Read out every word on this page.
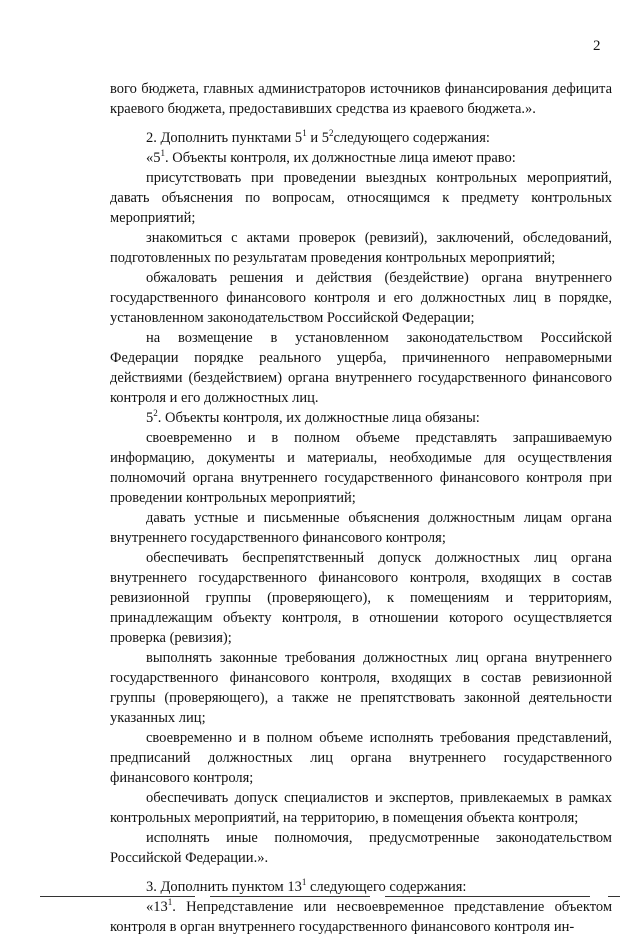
2

вого бюджета, главных администраторов источников финансирования дефицита краевого бюджета, предоставивших средства из краевого бюджета.».

2. Дополнить пунктами $5^1$ и $5^2следующего$ содержания:

«$5^1$. Объекты контроля, их должностные лица имеют право:

присутствовать при проведении выездных контрольных мероприятий, давать объяснения по вопросам, относящимся к предмету контрольных мероприятий;

знакомиться с актами проверок (ревизий), заключений, обследований, подготовленных по результатам проведения контрольных мероприятий;

обжаловать решения и действия (бездействие) органа внутреннего государственного финансового контроля и его должностных лиц в порядке, установленном законодательством Российской Федерации;

на возмещение в установленном законодательством Российской Федерации порядке реального ущерба, причиненного неправомерными действиями (бездействием) органа внутреннего государственного финансового контроля и его должностных лиц.

$5^2$. Объекты контроля, их должностные лица обязаны:

своевременно и в полном объеме представлять запрашиваемую информацию, документы и материалы, необходимые для осуществления полномочий органа внутреннего государственного финансового контроля при проведении контрольных мероприятий;

давать устные и письменные объяснения должностным лицам органа внутреннего государственного финансового контроля;

обеспечивать беспрепятственный допуск должностных лиц органа внутреннего государственного финансового контроля, входящих в состав ревизионной группы (проверяющего), к помещениям и территориям, принадлежащим объекту контроля, в отношении которого осуществляется проверка (ревизия);

выполнять законные требования должностных лиц органа внутреннего государственного финансового контроля, входящих в состав ревизионной группы (проверяющего), а также не препятствовать законной деятельности указанных лиц;

своевременно и в полном объеме исполнять требования представлений, предписаний должностных лиц органа внутреннего государственного финансового контроля;

обеспечивать допуск специалистов и экспертов, привлекаемых в рамках контрольных мероприятий, на территорию, в помещения объекта контроля;

исполнять иные полномочия, предусмотренные законодательством Российской Федерации.».

3. Дополнить пунктом $13^1$ следующего содержания:

«$13^1$. Непредставление или несвоевременное представление объектом контроля в орган внутреннего государственного финансового контроля ин-
